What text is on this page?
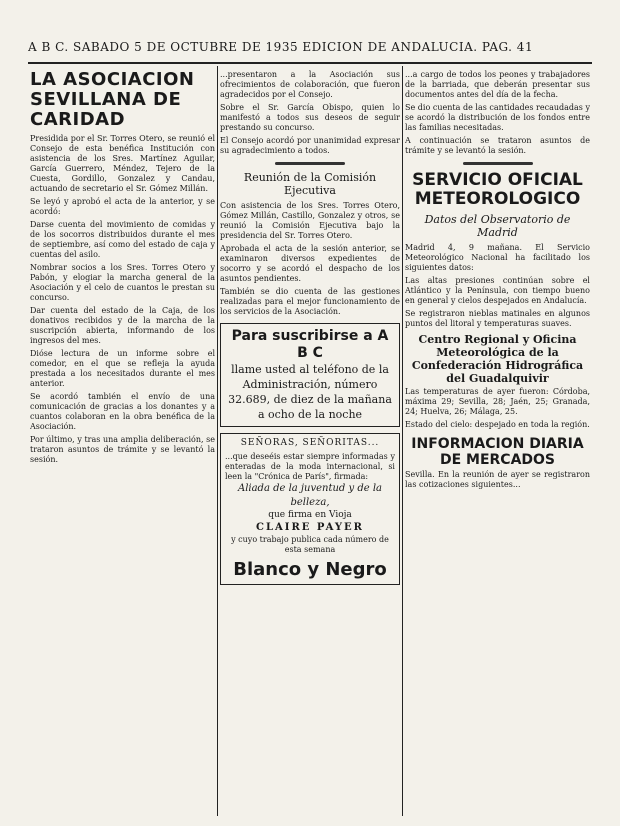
A B C. SABADO 5 DE OCTUBRE DE 1935 EDICION DE ANDALUCIA. PAG. 41
LA ASOCIACION SEVILLANA DE CARIDAD

Presidida por el Sr. Torres Otero, se reunió el Consejo de esta benéfica Institución con asistencia de los Sres. Martínez Aguilar, García Guerrero, Méndez, Tejero de la Cuesta, Gordillo, Gonzalez y Candau, actuando de secretario el Sr. Gómez Millán.

Se leyó y aprobó el acta de la anterior, y se acordó:

Darse cuenta del movimiento de comidas y de los socorros distribuidos durante el mes de septiembre, así como del estado de caja y cuentas del asilo.

Nombrar socios a los Sres. Torres Otero y Pabón, y elogiar la marcha general de la Asociación y el celo de cuantos le prestan su concurso.

Dar cuenta del estado de la Caja, de los donativos recibidos y de la marcha de la suscripción abierta, informando de los ingresos del mes.

Dióse lectura de un informe sobre el comedor, en el que se refleja la ayuda prestada a los necesitados durante el mes anterior.

Se acordó también el envío de una comunicación de gracias a los donantes y a cuantos colaboran en la obra benéfica de la Asociación.

Por último, y tras una amplia deliberación, se trataron asuntos de trámite y se levantó la sesión.

...presentaron a la Asociación sus ofrecimientos de colaboración, que fueron agradecidos por el Consejo.

Sobre el Sr. García Obispo, quien lo manifestó a todos sus deseos de seguir prestando su concurso.

El Consejo acordó por unanimidad expresar su agradecimiento a todos.

Reunión de la Comisión Ejecutiva

Con asistencia de los Sres. Torres Otero, Gómez Millán, Castillo, Gonzalez y otros, se reunió la Comisión Ejecutiva bajo la presidencia del Sr. Torres Otero.

Aprobada el acta de la sesión anterior, se examinaron diversos expedientes de socorro y se acordó el despacho de los asuntos pendientes.

También se dio cuenta de las gestiones realizadas para el mejor funcionamiento de los servicios de la Asociación.

Para suscribirse a A B C
llame usted al teléfono de la Administración, número 32.689, de diez de la mañana a ocho de la noche
SEÑORAS, SEÑORITAS...
...que deseéis estar siempre informadas y enteradas de la moda internacional, si leen la "Crónica de París", firmada:
Aliada de la juventud y de la belleza,
que firma en Vioja
CLAIRE PAYER
y cuyo trabajo publica cada número de esta semana
Blanco y Negro

...a cargo de todos los peones y trabajadores de la barriada, que deberán presentar sus documentos antes del día de la fecha.

Se dio cuenta de las cantidades recaudadas y se acordó la distribución de los fondos entre las familias necesitadas.

A continuación se trataron asuntos de trámite y se levantó la sesión.

SERVICIO OFICIAL METEOROLOGICO
Datos del Observatorio de Madrid

Madrid 4, 9 mañana. El Servicio Meteorológico Nacional ha facilitado los siguientes datos:

Las altas presiones continúan sobre el Atlántico y la Península, con tiempo bueno en general y cielos despejados en Andalucía.

Se registraron nieblas matinales en algunos puntos del litoral y temperaturas suaves.

Centro Regional y Oficina Meteorológica de la Confederación Hidrográfica del Guadalquivir

Las temperaturas de ayer fueron: Córdoba, máxima 29; Sevilla, 28; Jaén, 25; Granada, 24; Huelva, 26; Málaga, 25.

Estado del cielo: despejado en toda la región.

INFORMACION DIARIA DE MERCADOS

Sevilla. En la reunión de ayer se registraron las cotizaciones siguientes...
